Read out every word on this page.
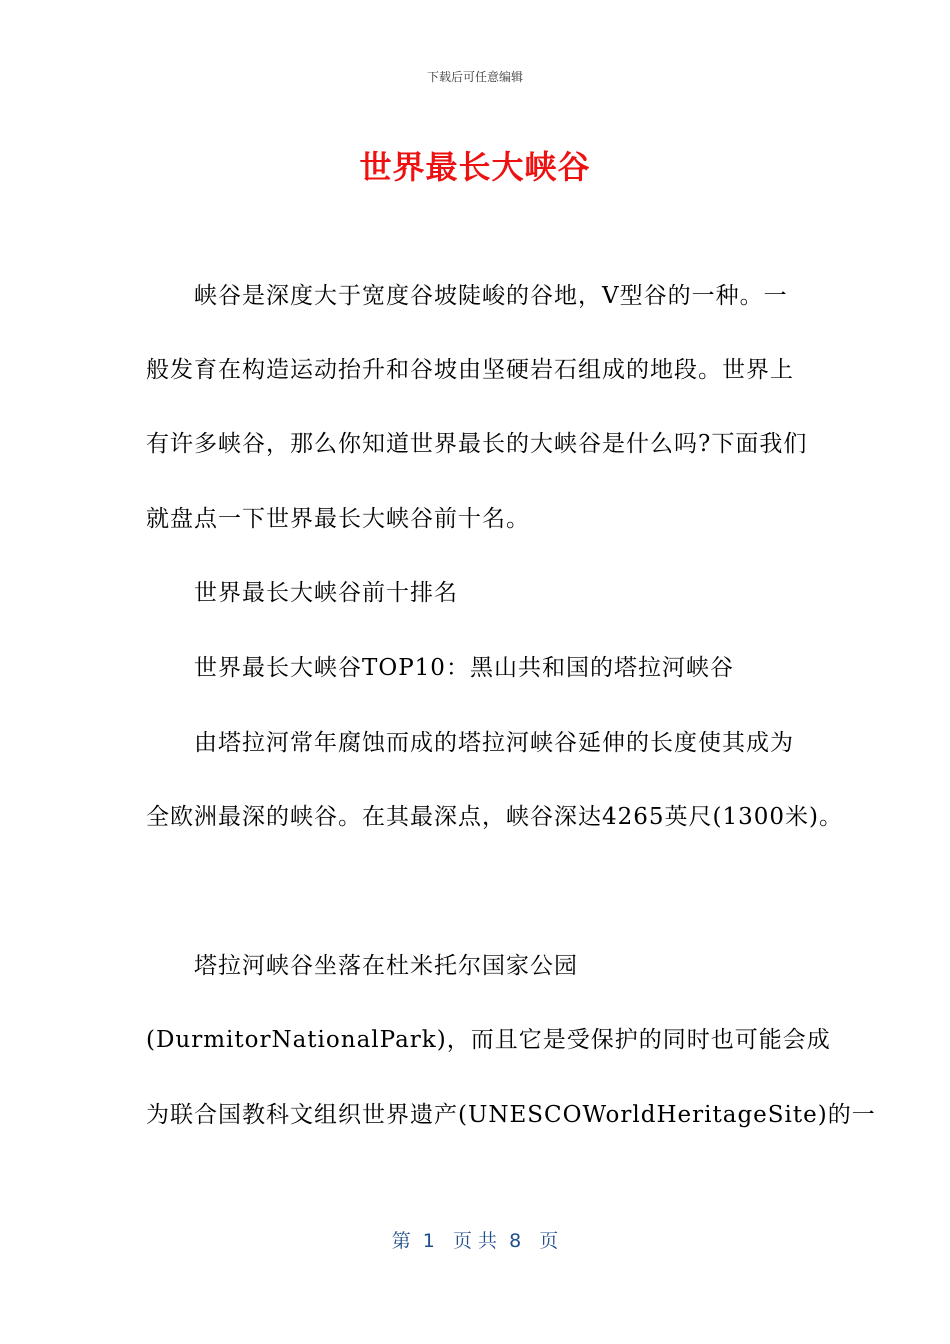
下载后可任意编辑
世界最长大峡谷
峡谷是深度大于宽度谷坡陡峻的谷地，V型谷的一种。一
般发育在构造运动抬升和谷坡由坚硬岩石组成的地段。世界上
有许多峡谷，那么你知道世界最长的大峡谷是什么吗?下面我们
就盘点一下世界最长大峡谷前十名。
世界最长大峡谷前十排名
世界最长大峡谷TOP10：黑山共和国的塔拉河峡谷
由塔拉河常年腐蚀而成的塔拉河峡谷延伸的长度使其成为
全欧洲最深的峡谷。在其最深点，峡谷深达4265英尺(1300米)。
塔拉河峡谷坐落在杜米托尔国家公园
(DurmitorNationalPark)，而且它是受保护的同时也可能会成
为联合国教科文组织世界遗产(UNESCOWorldHeritageSite)的一
第  1   页 共  8   页
